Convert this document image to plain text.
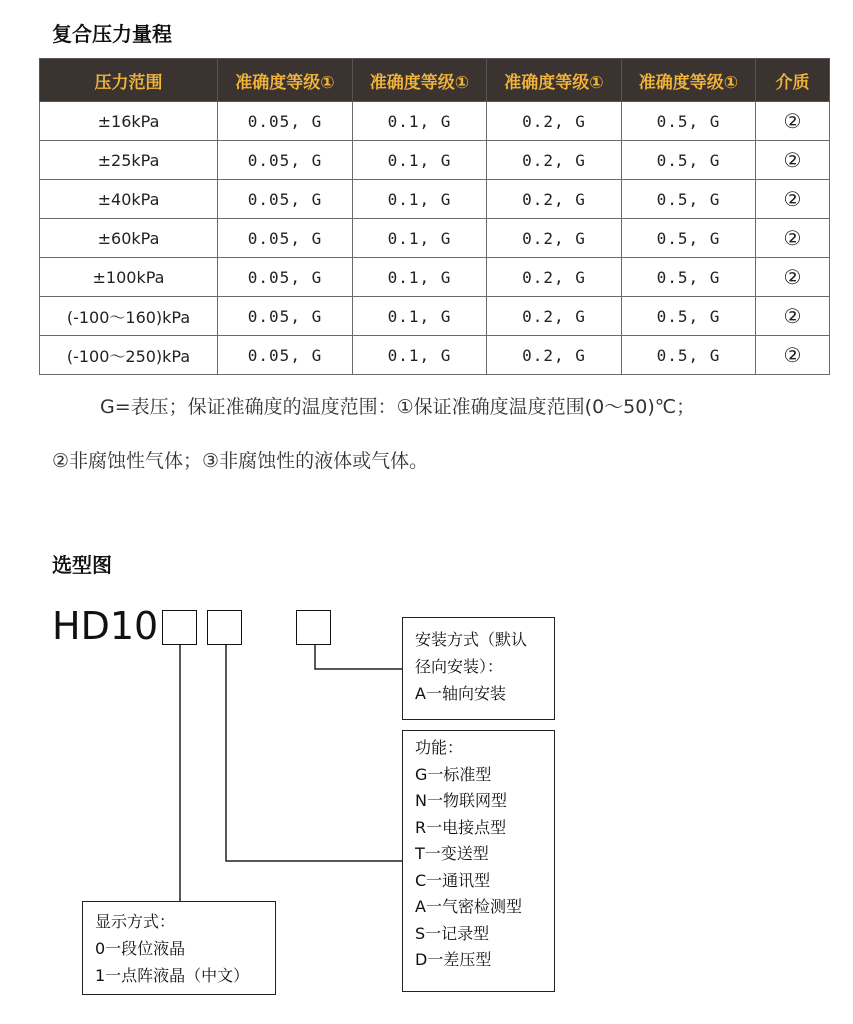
复合压力量程
压力范围	准确度等级①	准确度等级①	准确度等级①	准确度等级①	介质
±16kPa	0.05, G	0.1, G	0.2, G	0.5, G	②
±25kPa	0.05, G	0.1, G	0.2, G	0.5, G	②
±40kPa	0.05, G	0.1, G	0.2, G	0.5, G	②
±60kPa	0.05, G	0.1, G	0.2, G	0.5, G	②
±100kPa	0.05, G	0.1, G	0.2, G	0.5, G	②
(-100～160)kPa	0.05, G	0.1, G	0.2, G	0.5, G	②
(-100～250)kPa	0.05, G	0.1, G	0.2, G	0.5, G	②
G=表压；保证准确度的温度范围：①保证准确度温度范围(0～50)℃；
②非腐蚀性气体；③非腐蚀性的液体或气体。
选型图
HD10	安装方式（默认
径向安装）：
A一轴向安装
功能：
G一标准型
N一物联网型
R一电接点型
T一变送型
C一通讯型
A一气密检测型
S一记录型
D一差压型
显示方式：
0一段位液晶
1一点阵液晶（中文）
